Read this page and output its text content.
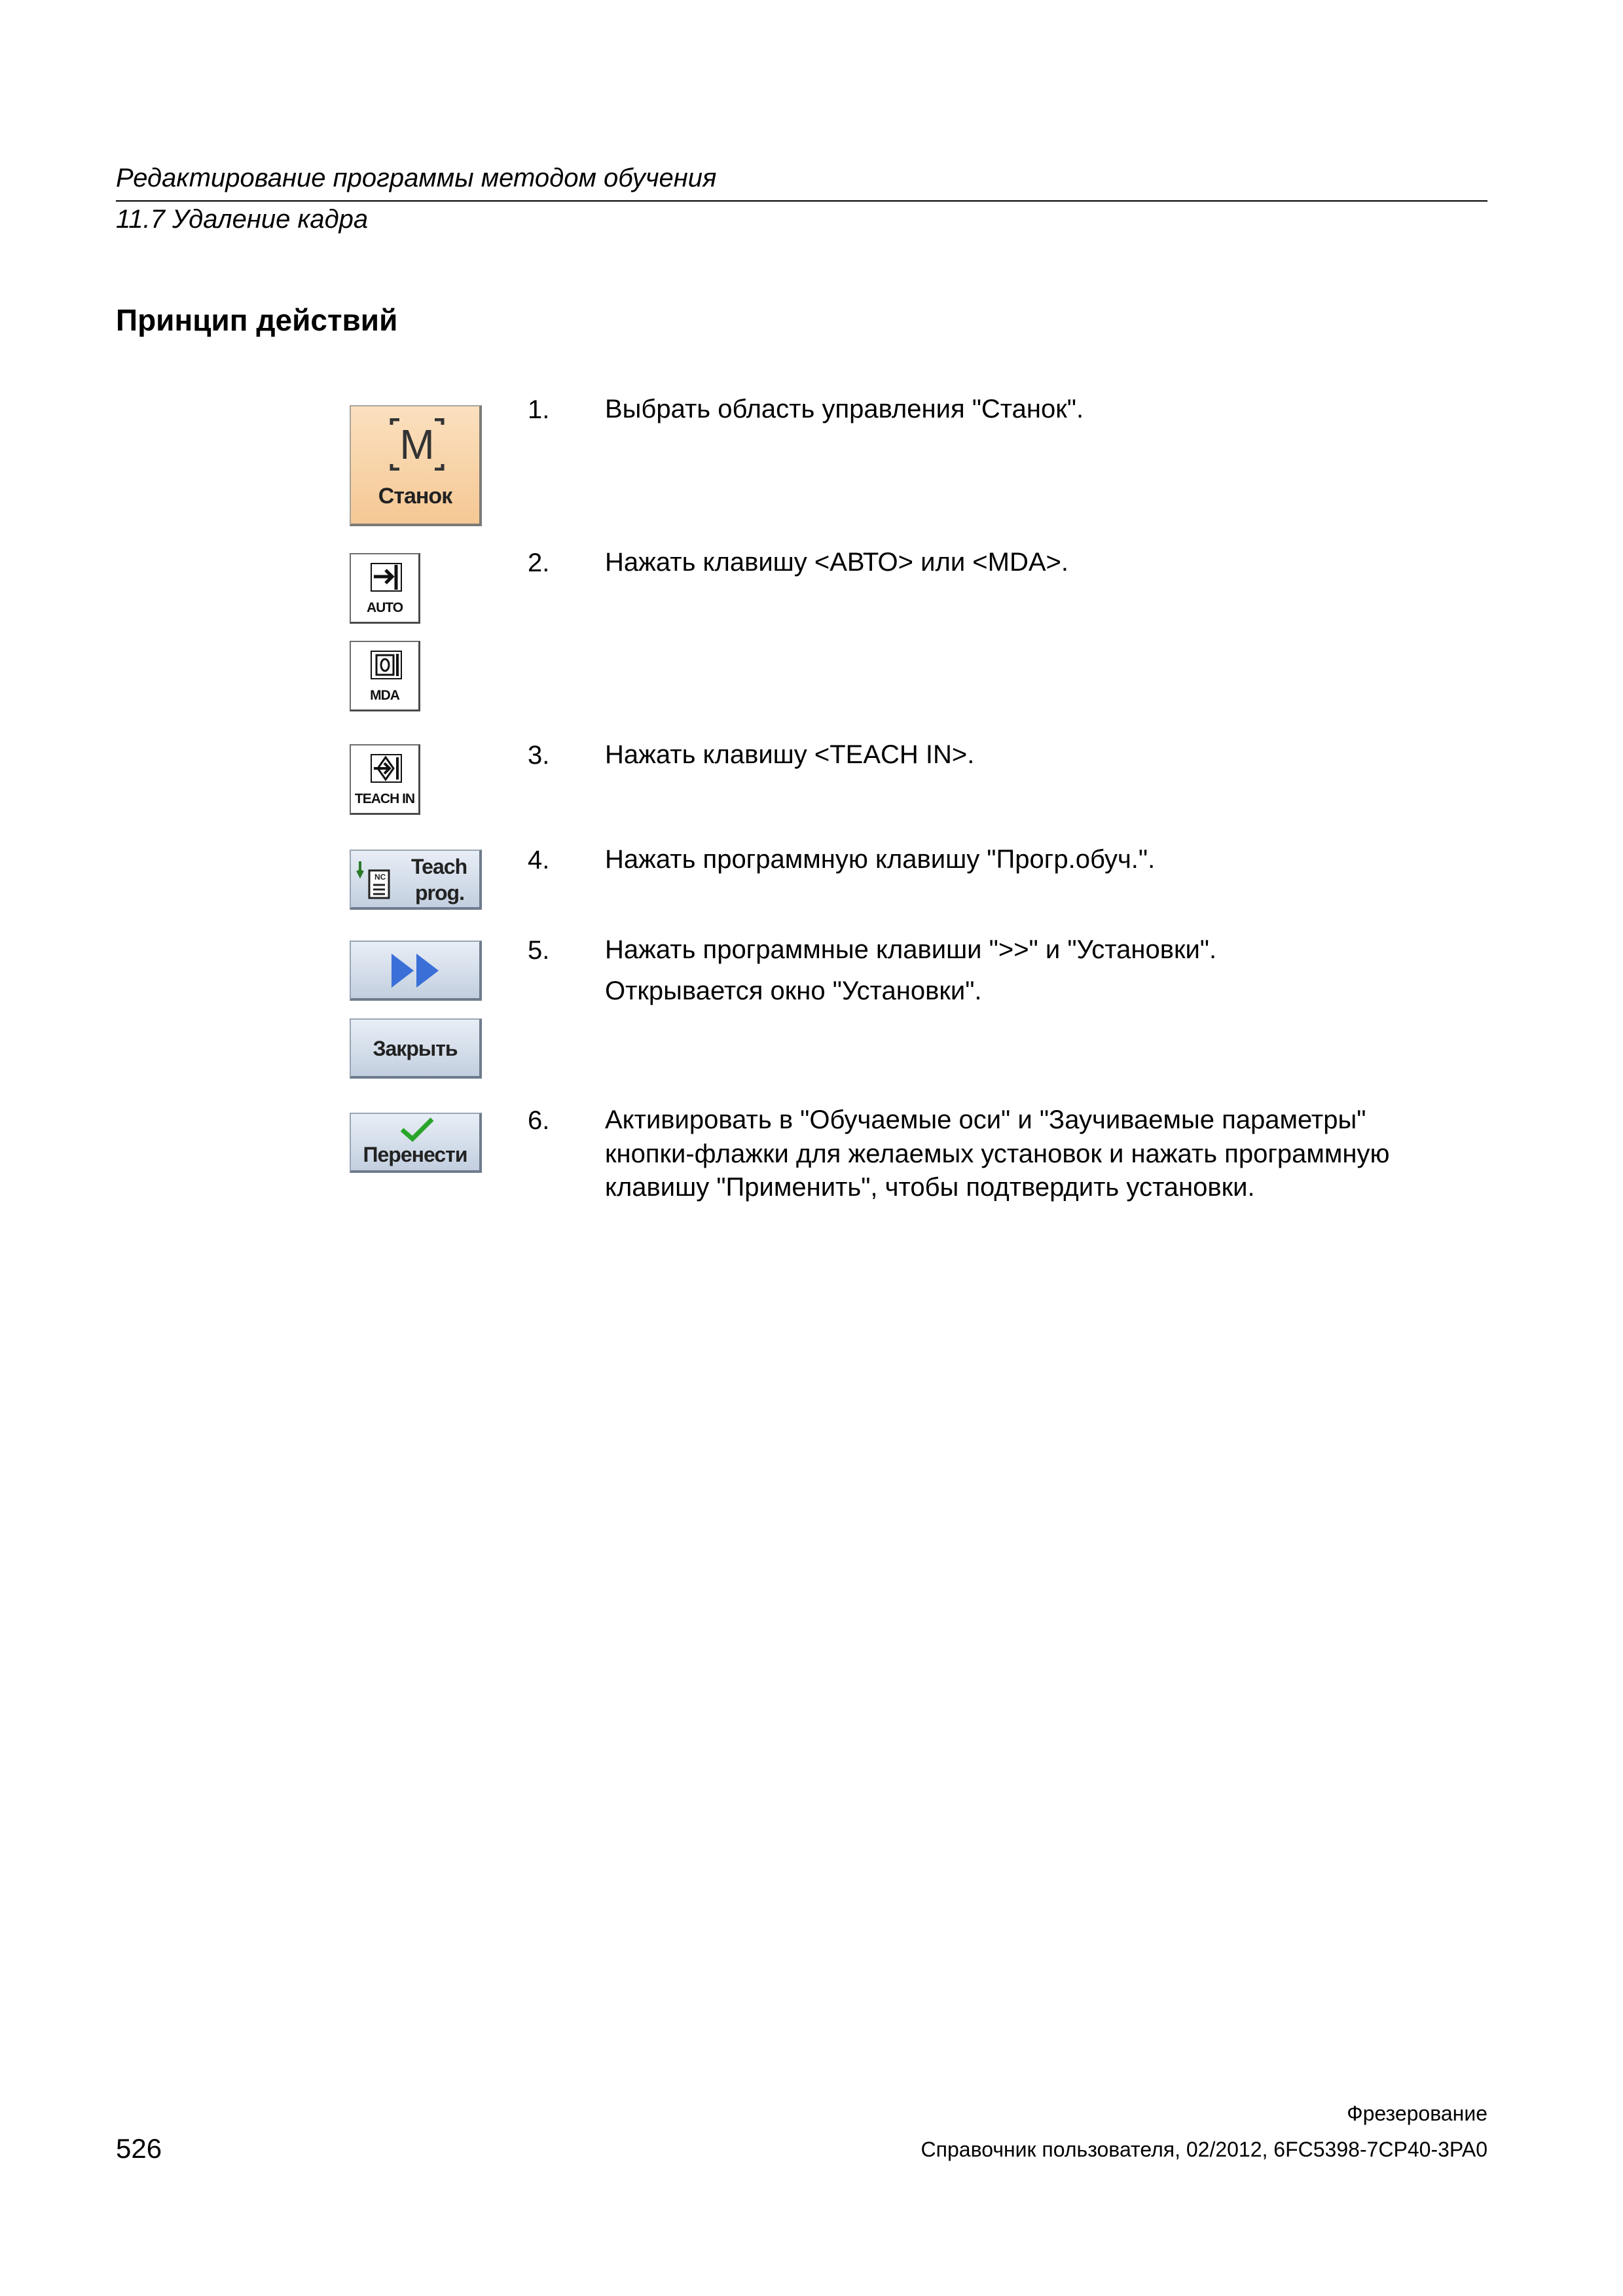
Редактирование программы методом обучения
11.7 Удаление кадра
Принцип действий
M
Станок
AUTO
MDA
TEACH IN
NC Teach
prog.
Закрыть
Перенести
1. Выбрать область управления "Станок".
2. Нажать клавишу <АВТО> или <MDA>.
3. Нажать клавишу <TEACH IN>.
4. Нажать программную клавишу "Прогр.обуч.".
5. Нажать программные клавиши ">>" и "Установки".
Открывается окно "Установки".
6. Активировать в "Обучаемые оси" и "Заучиваемые параметры"
кнопки-флажки для желаемых установок и нажать программную
клавишу "Применить", чтобы подтвердить установки.
Фрезерование
526	Справочник пользователя, 02/2012, 6FC5398-7CP40-3PA0
